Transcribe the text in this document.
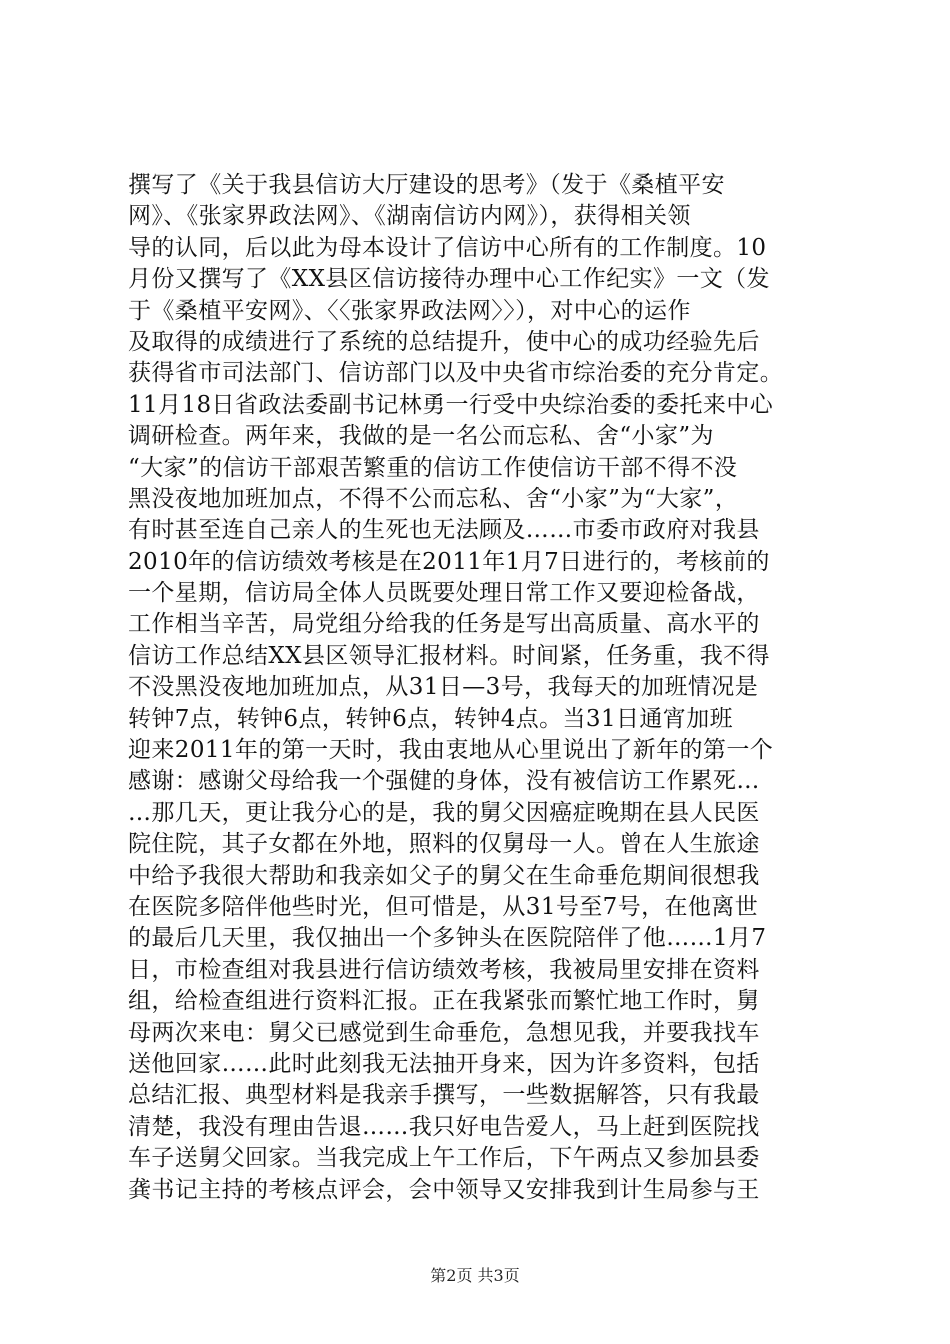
撰写了《关于我县信访大厅建设的思考》（发于《桑植平安
网》、《张家界政法网》、《湖南信访内网》），获得相关领
导的认同，后以此为母本设计了信访中心所有的工作制度。10
月份又撰写了《XX县区信访接待办理中心工作纪实》一文（发
于《桑植平安网》、〈〈张家界政法网〉〉），对中心的运作
及取得的成绩进行了系统的总结提升，使中心的成功经验先后
获得省市司法部门、信访部门以及中央省市综治委的充分肯定。
11月18日省政法委副书记林勇一行受中央综治委的委托来中心
调研检查。两年来，我做的是一名公而忘私、舍“小家”为
“大家”的信访干部艰苦繁重的信访工作使信访干部不得不没
黑没夜地加班加点，不得不公而忘私、舍“小家”为“大家”，
有时甚至连自己亲人的生死也无法顾及……市委市政府对我县
2010年的信访绩效考核是在2011年1月7日进行的，考核前的
一个星期，信访局全体人员既要处理日常工作又要迎检备战，
工作相当辛苦，局党组分给我的任务是写出高质量、高水平的
信访工作总结XX县区领导汇报材料。时间紧，任务重，我不得
不没黑没夜地加班加点，从31日—3号，我每天的加班情况是
转钟7点，转钟6点，转钟6点，转钟4点。当31日通宵加班
迎来2011年的第一天时，我由衷地从心里说出了新年的第一个
感谢：感谢父母给我一个强健的身体，没有被信访工作累死…
…那几天，更让我分心的是，我的舅父因癌症晚期在县人民医
院住院，其子女都在外地，照料的仅舅母一人。曾在人生旅途
中给予我很大帮助和我亲如父子的舅父在生命垂危期间很想我
在医院多陪伴他些时光，但可惜是，从31号至7号，在他离世
的最后几天里，我仅抽出一个多钟头在医院陪伴了他……1月7
日，市检查组对我县进行信访绩效考核，我被局里安排在资料
组，给检查组进行资料汇报。正在我紧张而繁忙地工作时，舅
母两次来电：舅父已感觉到生命垂危，急想见我，并要我找车
送他回家……此时此刻我无法抽开身来，因为许多资料，包括
总结汇报、典型材料是我亲手撰写，一些数据解答，只有我最
清楚，我没有理由告退……我只好电告爱人，马上赶到医院找
车子送舅父回家。当我完成上午工作后，下午两点又参加县委
龚书记主持的考核点评会，会中领导又安排我到计生局参与王
第2页 共3页
